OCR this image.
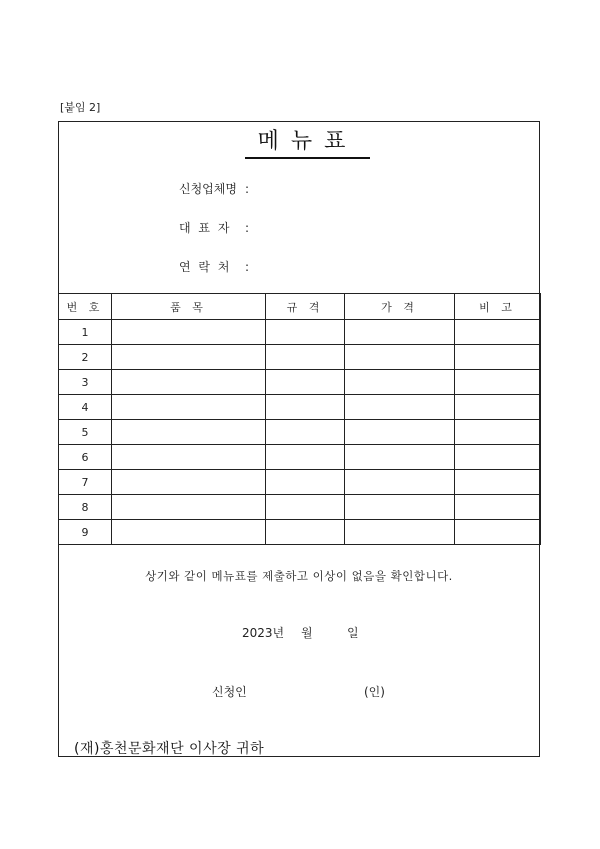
[붙임 2]
메뉴표
신청업체명 :
대 표 자 :
연 락 처 :
번 호	품 목	규 격	가 격	비 고
1				
2				
3				
4				
5				
6				
7				
8				
9				
상기와 같이 메뉴표를 제출하고 이상이 없음을 확인합니다.
2023년 월	일
신청인	(인)
(재)홍천문화재단 이사장 귀하
